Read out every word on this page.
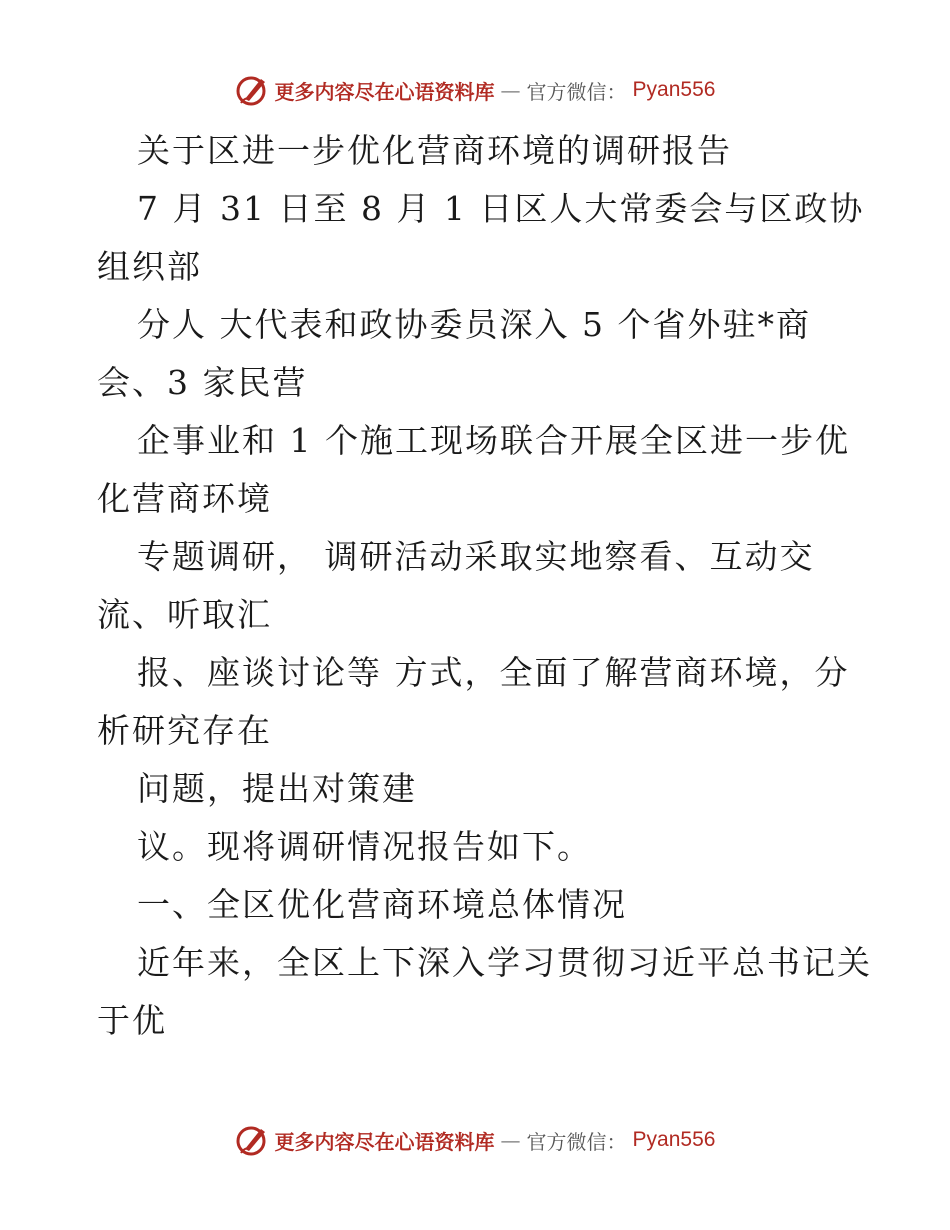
更多内容尽在心语资料库 — 官方微信： Pyan556
关于区进一步优化营商环境的调研报告
7 月 31 日至 8 月 1 日区人大常委会与区政协
组织部
分人 大代表和政协委员深入 5 个省外驻*商
会、3 家民营
企事业和 1 个施工现场联合开展全区进一步优
化营商环境
专题调研， 调研活动采取实地察看、互动交
流、听取汇
报、座谈讨论等 方式，全面了解营商环境，分
析研究存在
问题，提出对策建
议。现将调研情况报告如下。
一、全区优化营商环境总体情况
近年来，全区上下深入学习贯彻习近平总书记关
于优
更多内容尽在心语资料库 — 官方微信： Pyan556
